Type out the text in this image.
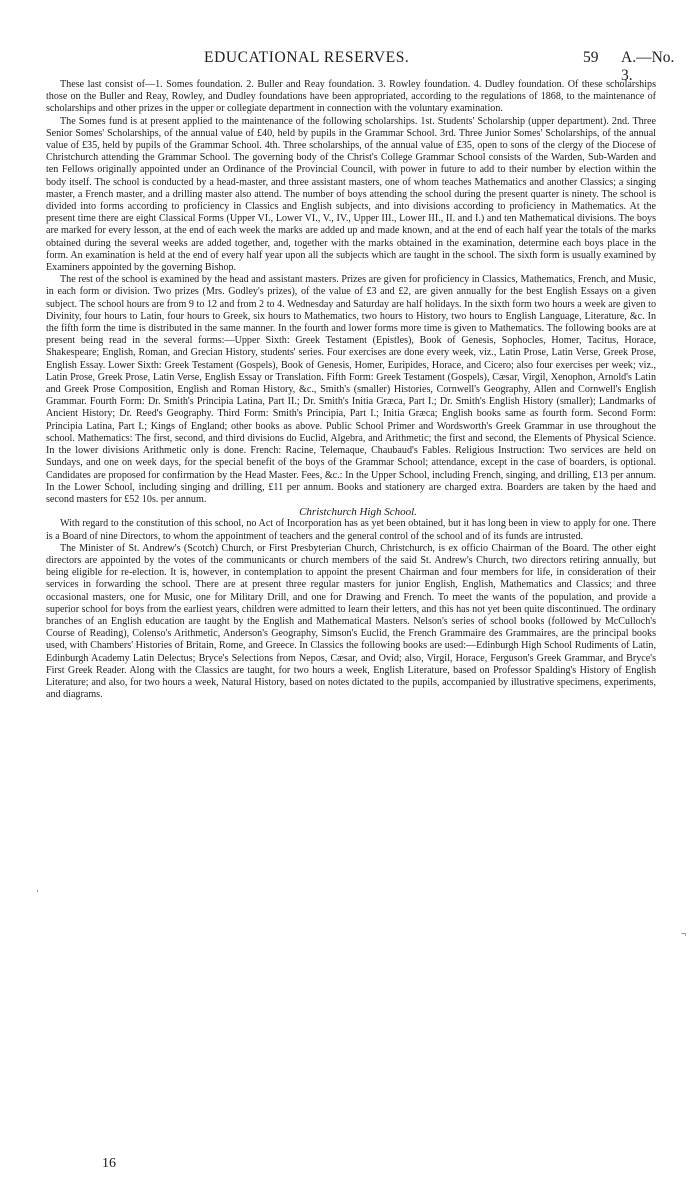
EDUCATIONAL RESERVES.	59 A.—No. 3.

These last consist of—1. Somes foundation. 2. Buller and Reay foundation. 3. Rowley foundation. 4. Dudley foundation. Of these scholarships those on the Buller and Reay, Rowley, and Dudley foundations have been appropriated, according to the regulations of 1868, to the maintenance of scholarships and other prizes in the upper or collegiate department in connection with the voluntary examination.

The Somes fund is at present applied to the maintenance of the following scholarships. 1st. Students' Scholarship (upper department). 2nd. Three Senior Somes' Scholarships, of the annual value of £40, held by pupils in the Grammar School. 3rd. Three Junior Somes' Scholarships, of the annual value of £35, held by pupils of the Grammar School. 4th. Three scholarships, of the annual value of £35, open to sons of the clergy of the Diocese of Christchurch attending the Grammar School. The governing body of the Christ's College Grammar School consists of the Warden, Sub-Warden and ten Fellows originally appointed under an Ordinance of the Provincial Council, with power in future to add to their number by election within the body itself. The school is conducted by a head-master, and three assistant masters, one of whom teaches Mathematics and another Classics; a singing master, a French master, and a drilling master also attend. The number of boys attending the school during the present quarter is ninety. The school is divided into forms according to proficiency in Classics and English subjects, and into divisions according to proficiency in Mathematics. At the present time there are eight Classical Forms (Upper VI., Lower VI., V., IV., Upper III., Lower III., II. and I.) and ten Mathematical divisions. The boys are marked for every lesson, at the end of each week the marks are added up and made known, and at the end of each half year the totals of the marks obtained during the several weeks are added together, and, together with the marks obtained in the examination, determine each boys place in the form. An examination is held at the end of every half year upon all the subjects which are taught in the school. The sixth form is usually examined by Examiners appointed by the governing Bishop.

The rest of the school is examined by the head and assistant masters. Prizes are given for proficiency in Classics, Mathematics, French, and Music, in each form or division. Two prizes (Mrs. Godley's prizes), of the value of £3 and £2, are given annually for the best English Essays on a given subject. The school hours are from 9 to 12 and from 2 to 4. Wednesday and Saturday are half holidays. In the sixth form two hours a week are given to Divinity, four hours to Latin, four hours to Greek, six hours to Mathematics, two hours to History, two hours to English Language, Literature, &c. In the fifth form the time is distributed in the same manner. In the fourth and lower forms more time is given to Mathematics. The following books are at present being read in the several forms:—Upper Sixth: Greek Testament (Epistles), Book of Genesis, Sophocles, Homer, Tacitus, Horace, Shakespeare; English, Roman, and Grecian History, students' series. Four exercises are done every week, viz., Latin Prose, Latin Verse, Greek Prose, English Essay. Lower Sixth: Greek Testament (Gospels), Book of Genesis, Homer, Euripides, Horace, and Cicero; also four exercises per week; viz., Latin Prose, Greek Prose, Latin Verse, English Essay or Translation. Fifth Form: Greek Testament (Gospels), Cæsar, Virgil, Xenophon, Arnold's Latin and Greek Prose Composition, English and Roman History, &c., Smith's (smaller) Histories, Cornwell's Geography, Allen and Cornwell's English Grammar. Fourth Form: Dr. Smith's Principia Latina, Part II.; Dr. Smith's Initia Græca, Part I.; Dr. Smith's English History (smaller); Landmarks of Ancient History; Dr. Reed's Geography. Third Form: Smith's Principia, Part I.; Initia Græca; English books same as fourth form. Second Form: Principia Latina, Part I.; Kings of England; other books as above. Public School Primer and Wordsworth's Greek Grammar in use throughout the school. Mathematics: The first, second, and third divisions do Euclid, Algebra, and Arithmetic; the first and second, the Elements of Physical Science. In the lower divisions Arithmetic only is done. French: Racine, Telemaque, Chaubaud's Fables. Religious Instruction: Two services are held on Sundays, and one on week days, for the special benefit of the boys of the Grammar School; attendance, except in the case of boarders, is optional. Candidates are proposed for confirmation by the Head Master. Fees, &c.: In the Upper School, including French, singing, and drilling, £13 per annum. In the Lower School, including singing and drilling, £11 per annum. Books and stationery are charged extra. Boarders are taken by the haed and second masters for £52 10s. per annum.

Christchurch High School.

With regard to the constitution of this school, no Act of Incorporation has as yet been obtained, but it has long been in view to apply for one. There is a Board of nine Directors, to whom the appointment of teachers and the general control of the school and of its funds are intrusted.

The Minister of St. Andrew's (Scotch) Church, or First Presbyterian Church, Christchurch, is ex officio Chairman of the Board. The other eight directors are appointed by the votes of the communicants or church members of the said St. Andrew's Church, two directors retiring annually, but being eligible for re-election. It is, however, in contemplation to appoint the present Chairman and four members for life, in consideration of their services in forwarding the school. There are at present three regular masters for junior English, English, Mathematics and Classics; and three occasional masters, one for Music, one for Military Drill, and one for Drawing and French. To meet the wants of the population, and provide a superior school for boys from the earliest years, children were admitted to learn their letters, and this has not yet been quite discontinued. The ordinary branches of an English education are taught by the English and Mathematical Masters. Nelson's series of school books (followed by McCulloch's Course of Reading), Colenso's Arithmetic, Anderson's Geography, Simson's Euclid, the French Grammaire des Grammaires, are the principal books used, with Chambers' Histories of Britain, Rome, and Greece. In Classics the following books are used:—Edinburgh High School Rudiments of Latin, Edinburgh Academy Latin Delectus; Bryce's Selections from Nepos, Cæsar, and Ovid; also, Virgil, Horace, Ferguson's Greek Grammar, and Bryce's First Greek Reader. Along with the Classics are taught, for two hours a week, English Literature, based on Professor Spalding's History of English Literature; and also, for two hours a week, Natural History, based on notes dictated to the pupils, accompanied by illustrative specimens, experiments, and diagrams.

·
¬
16
